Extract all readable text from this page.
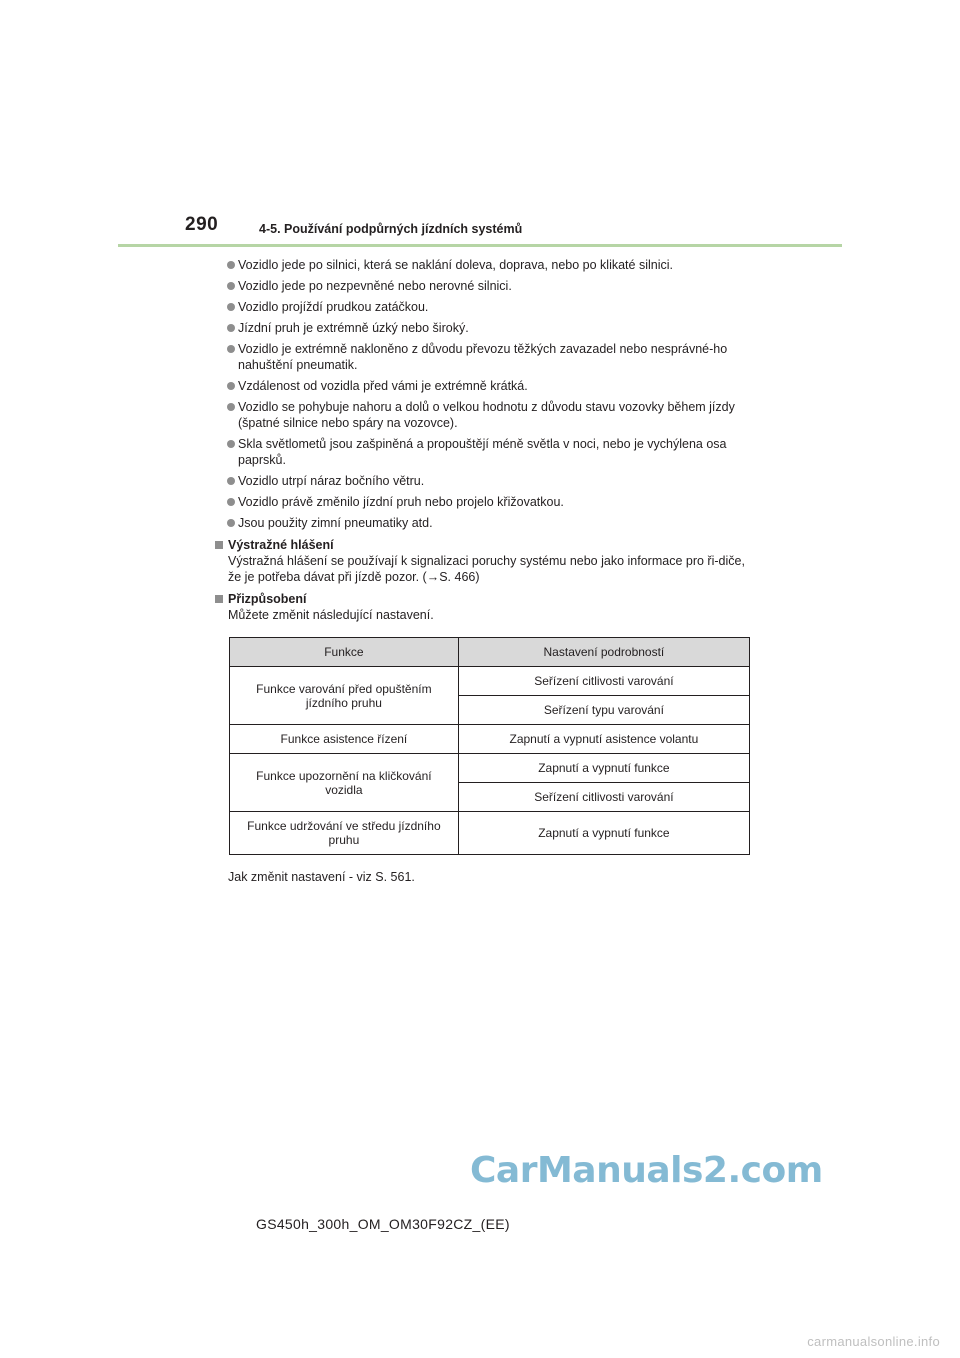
290	4-5. Používání podpůrných jízdních systémů
Vozidlo jede po silnici, která se naklání doleva, doprava, nebo po klikaté silnici.
Vozidlo jede po nezpevněné nebo nerovné silnici.
Vozidlo projíždí prudkou zatáčkou.
Jízdní pruh je extrémně úzký nebo široký.
Vozidlo je extrémně nakloněno z důvodu převozu těžkých zavazadel nebo nesprávné-ho nahuštění pneumatik.
Vzdálenost od vozidla před vámi je extrémně krátká.
Vozidlo se pohybuje nahoru a dolů o velkou hodnotu z důvodu stavu vozovky během jízdy (špatné silnice nebo spáry na vozovce).
Skla světlometů jsou zašpiněná a propouštějí méně světla v noci, nebo je vychýlena osa paprsků.
Vozidlo utrpí náraz bočního větru.
Vozidlo právě změnilo jízdní pruh nebo projelo křižovatkou.
Jsou použity zimní pneumatiky atd.
Výstražné hlášení
Výstražná hlášení se používají k signalizaci poruchy systému nebo jako informace pro ři-diče, že je potřeba dávat při jízdě pozor. (→S. 466)
Přizpůsobení
Můžete změnit následující nastavení.
Funkce	Nastavení podrobností
Funkce varování před opuštěním jízdního pruhu	Seřízení citlivosti varování
	Seřízení typu varování
Funkce asistence řízení	Zapnutí a vypnutí asistence volantu
Funkce upozornění na kličkování vozidla	Zapnutí a vypnutí funkce
	Seřízení citlivosti varování
Funkce udržování ve středu jízdního pruhu	Zapnutí a vypnutí funkce
Jak změnit nastavení - viz S. 561.
CarManuals2.com
GS450h_300h_OM_OM30F92CZ_(EE)
carmanualsonline.info
